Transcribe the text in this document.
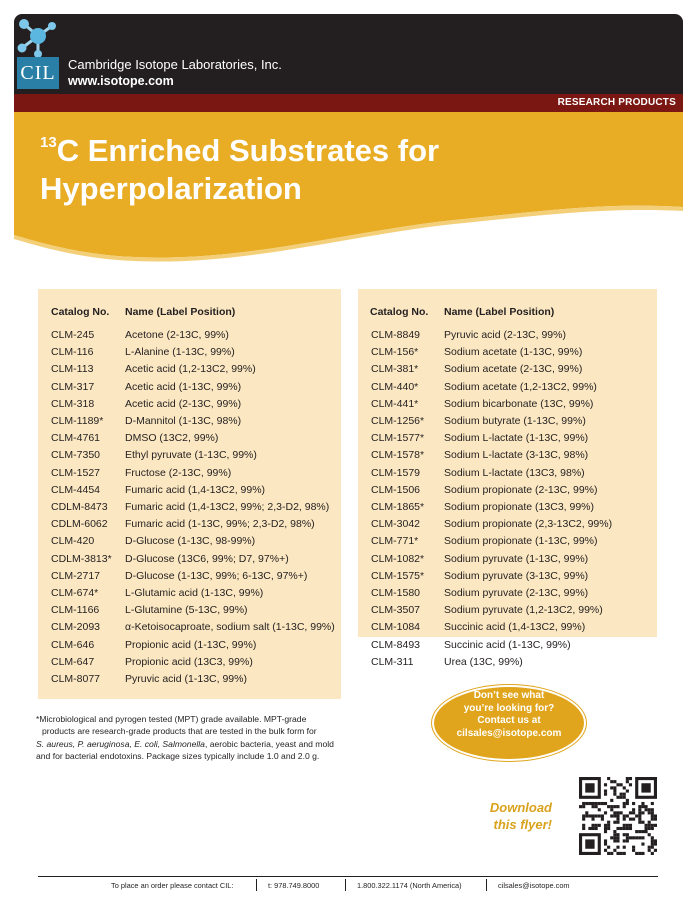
CIL Cambridge Isotope Laboratories, Inc.
www.isotope.com
RESEARCH PRODUCTS
$^{13}$C Enriched Substrates for
Hyperpolarization
Catalog No. Name (Label Position)
CLM-245	Acetone (2-13C, 99%)
CLM-116	L-Alanine (1-13C, 99%)
CLM-113	Acetic acid (1,2-13C2, 99%)
CLM-317	Acetic acid (1-13C, 99%)
CLM-318	Acetic acid (2-13C, 99%)
CLM-1189* D-Mannitol (1-13C, 98%)
CLM-4761 DMSO (13C2, 99%)
CLM-7350 Ethyl pyruvate (1-13C, 99%)
CLM-1527 Fructose (2-13C, 99%)
CLM-4454 Fumaric acid (1,4-13C2, 99%)
CDLM-8473 Fumaric acid (1,4-13C2, 99%; 2,3-D2, 98%)
CDLM-6062 Fumaric acid (1-13C, 99%; 2,3-D2, 98%)
CLM-420	D-Glucose (1-13C, 98-99%)
CDLM-3813* D-Glucose (13C6, 99%; D7, 97%+)
CLM-2717 D-Glucose (1-13C, 99%; 6-13C, 97%+)
CLM-674*	L-Glutamic acid (1-13C, 99%)
CLM-1166 L-Glutamine (5-13C, 99%)
CLM-2093 α-Ketoisocaproate, sodium salt (1-13C, 99%)
CLM-646	Propionic acid (1-13C, 99%)
CLM-647	Propionic acid (13C3, 99%)
CLM-8077 Pyruvic acid (1-13C, 99%)
Catalog No. Name (Label Position)
CLM-8849 Pyruvic acid (2-13C, 99%)
CLM-156* Sodium acetate (1-13C, 99%)
CLM-381* Sodium acetate (2-13C, 99%)
CLM-440* Sodium acetate (1,2-13C2, 99%)
CLM-441* Sodium bicarbonate (13C, 99%)
CLM-1256* Sodium butyrate (1-13C, 99%)
CLM-1577* Sodium L-lactate (1-13C, 99%)
CLM-1578* Sodium L-lactate (3-13C, 98%)
CLM-1579 Sodium L-lactate (13C3, 98%)
CLM-1506 Sodium propionate (2-13C, 99%)
CLM-1865* Sodium propionate (13C3, 99%)
CLM-3042 Sodium propionate (2,3-13C2, 99%)
CLM-771* Sodium propionate (1-13C, 99%)
CLM-1082* Sodium pyruvate (1-13C, 99%)
CLM-1575* Sodium pyruvate (3-13C, 99%)
CLM-1580 Sodium pyruvate (2-13C, 99%)
CLM-3507 Sodium pyruvate (1,2-13C2, 99%)
CLM-1084 Succinic acid (1,4-13C2, 99%)
CLM-8493 Succinic acid (1-13C, 99%)
CLM-311	Urea (13C, 99%)
*Microbiological and pyrogen tested (MPT) grade available. MPT-grade
products are research-grade products that are tested in the bulk form for
S. aureus, P. aeruginosa, E. coli, Salmonella, aerobic bacteria, yeast and mold
and for bacterial endotoxins. Package sizes typically include 1.0 and 2.0 g.
Don’t see what
you’re looking for?
Contact us at
cilsales@isotope.com
Download
this flyer!
To place an order please contact CIL:	t: 978.749.8000	1.800.322.1174 (North America)	cilsales@isotope.com
